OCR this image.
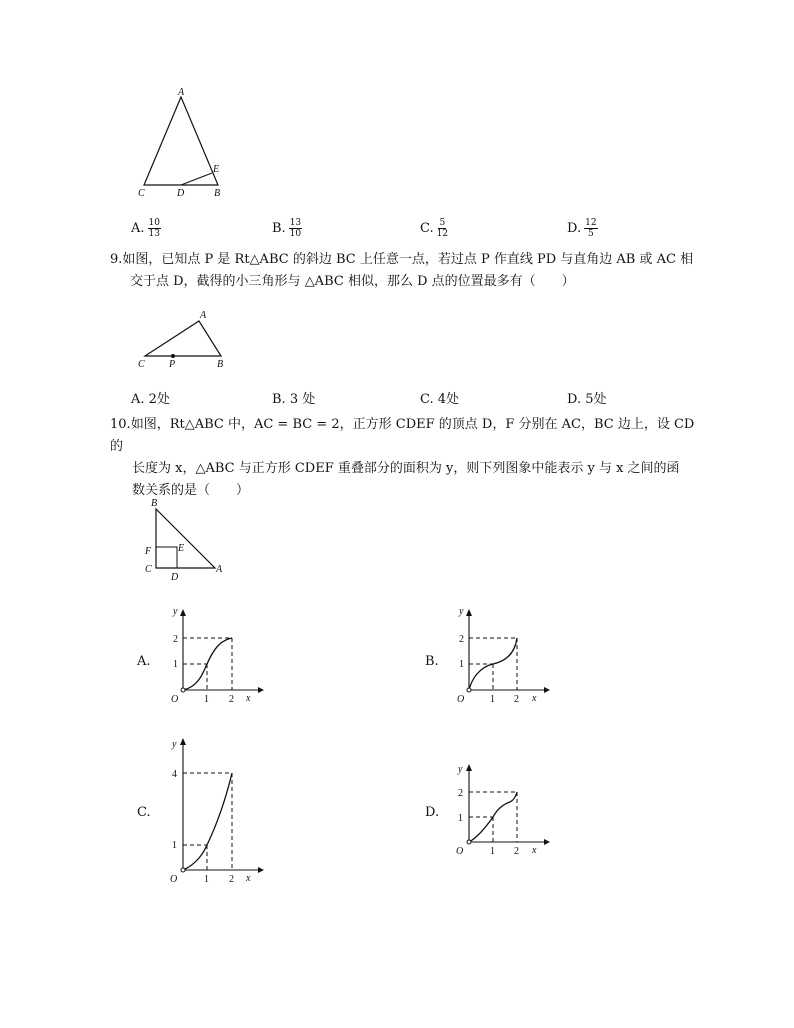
A
E
C	D	B
A. $\frac{10}{13}$	B. $\frac{13}{10}$	C. $\frac{5}{12}$	D. $\frac{12}{5}$
9.如图，已知点 P 是 Rt△ABC 的斜边 BC 上任意一点，若过点 P 作直线 PD 与直角边 AB 或 AC 相
交于点 D，截得的小三角形与 △ABC 相似，那么 D 点的位置最多有（　　）
A
C P	B
A. 2处	B. 3 处	C. 4处	D. 5处
10.如图，Rt△ABC 中，AC = BC = 2，正方形 CDEF 的顶点 D，F 分别在 AC，BC 边上，设 CD 的
长度为 x，△ABC 与正方形 CDEF 重叠部分的面积为 y，则下列图象中能表示 y 与 x 之间的函
数关系的是（　　）
B
F	E
C
D
A
A.
y
2
1
O	1 2 x
B.
y
2
1
O	1 2 x
C.
y
4
1
O	1 2 x
D.
y
2
1
O	1 2 x
